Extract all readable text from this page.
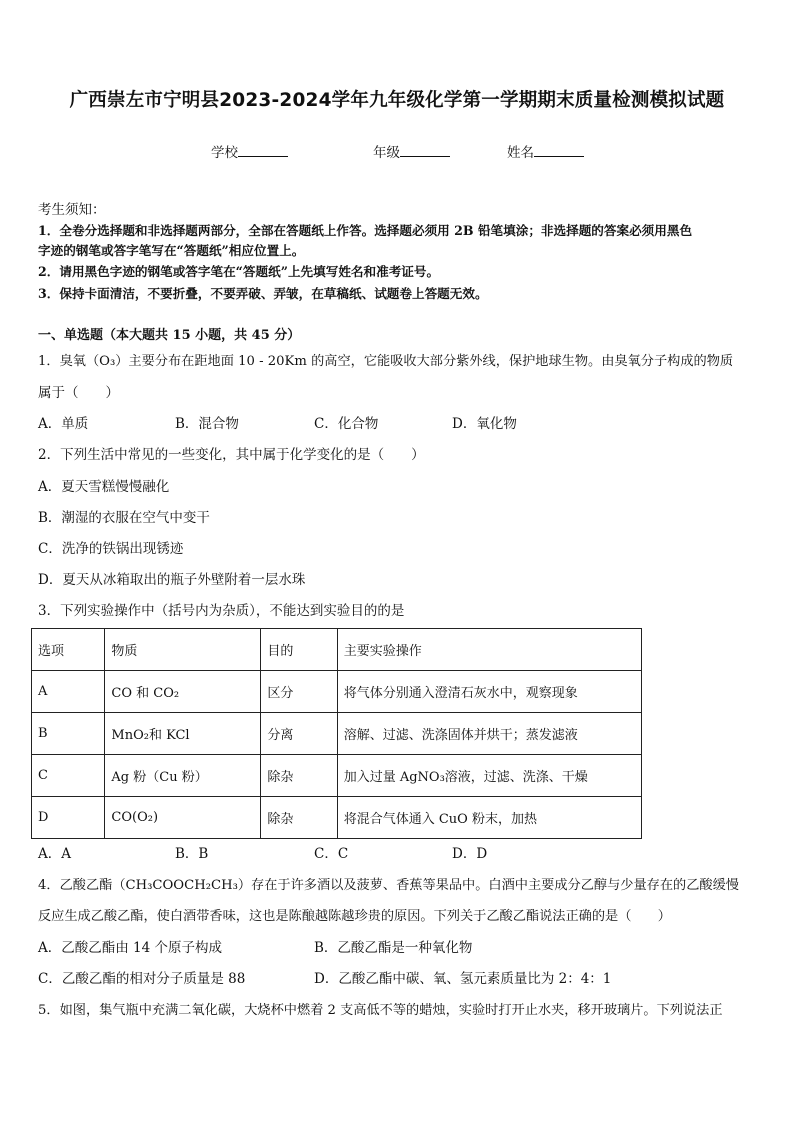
广西崇左市宁明县2023-2024学年九年级化学第一学期期末质量检测模拟试题
学校	年级	姓名
考生须知：
1．全卷分选择题和非选择题两部分，全部在答题纸上作答。选择题必须用 2B 铅笔填涂；非选择题的答案必须用黑色
字迹的钢笔或答字笔写在“答题纸”相应位置上。
2．请用黑色字迹的钢笔或答字笔在“答题纸”上先填写姓名和准考证号。
3．保持卡面清洁，不要折叠，不要弄破、弄皱，在草稿纸、试题卷上答题无效。
一、单选题（本大题共 15 小题，共 45 分）
1．臭氧（O₃）主要分布在距地面 10 - 20Km 的高空，它能吸收大部分紫外线，保护地球生物。由臭氧分子构成的物质
属于（　　）
A．单质	B．混合物	C．化合物	D．氧化物
2．下列生活中常见的一些变化，其中属于化学变化的是（　　）
A．夏天雪糕慢慢融化
B．潮湿的衣服在空气中变干
C．洗净的铁锅出现锈迹
D．夏天从冰箱取出的瓶子外壁附着一层水珠
3．下列实验操作中（括号内为杂质），不能达到实验目的的是
选项	物质	目的	主要实验操作
A	CO 和 CO₂	区分	将气体分别通入澄清石灰水中，观察现象
B	MnO₂和 KCl	分离	溶解、过滤、洗涤固体并烘干；蒸发滤液
C	Ag 粉（Cu 粉）	除杂	加入过量 AgNO₃溶液，过滤、洗涤、干燥
D	CO(O₂)	除杂	将混合气体通入 CuO 粉末，加热
A．A	B．B	C．C	D．D
4．乙酸乙酯（CH₃COOCH₂CH₃）存在于许多酒以及菠萝、香蕉等果品中。白酒中主要成分乙醇与少量存在的乙酸缓慢
反应生成乙酸乙酯，使白酒带香味，这也是陈酿越陈越珍贵的原因。下列关于乙酸乙酯说法正确的是（　　）
A．乙酸乙酯由 14 个原子构成	B．乙酸乙酯是一种氧化物
C．乙酸乙酯的相对分子质量是 88	D．乙酸乙酯中碳、氧、氢元素质量比为 2：4：1
5．如图，集气瓶中充满二氧化碳，大烧杯中燃着 2 支高低不等的蜡烛，实验时打开止水夹，移开玻璃片。下列说法正
